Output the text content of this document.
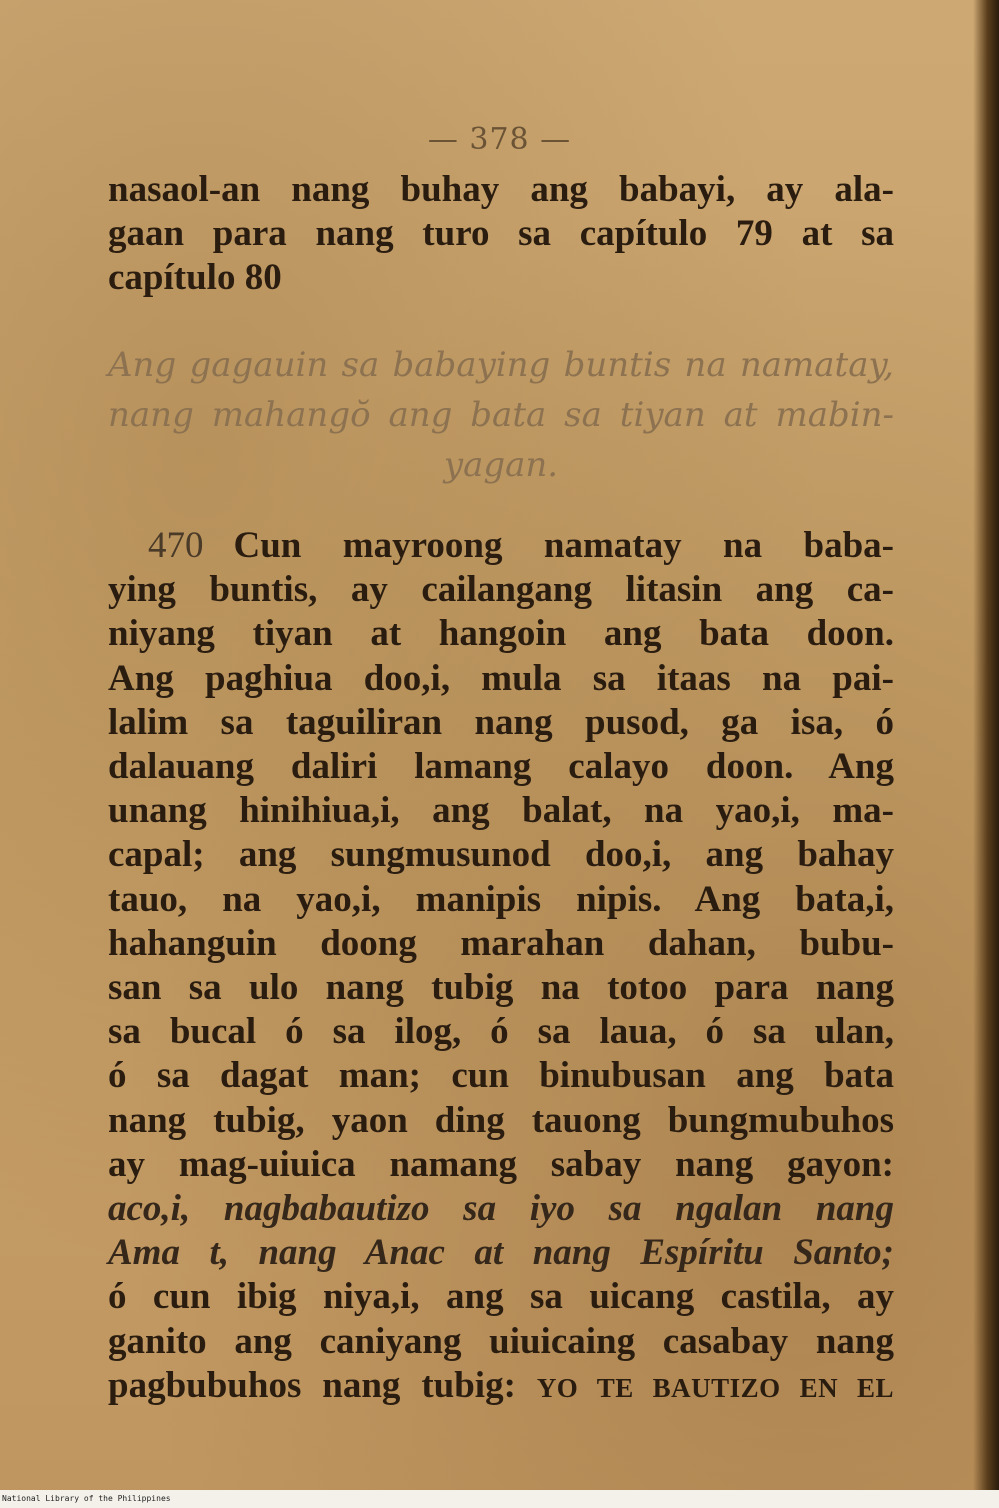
— 378 —
nasaol-an nang buhay ang babayi, ay ala-
gaan para nang turo sa capítulo 79 at sa
capítulo 80
Ang gagauin sa babaying buntis na namatay,
nang mahangŏ ang bata sa tiyan at mabin-
yagan.
470 Cun mayroong namatay na baba-
ying buntis, ay cailangang litasin ang ca-
niyang tiyan at hangoin ang bata doon.
Ang paghiua doo,i, mula sa itaas na pai-
lalim sa taguiliran nang pusod, ga isa, ó
dalauang daliri lamang calayo doon. Ang
unang hinihiua,i, ang balat, na yao,i, ma-
capal; ang sungmusunod doo,i, ang bahay
tauo, na yao,i, manipis nipis. Ang bata,i,
hahanguin doong marahan dahan, bubu-
san sa ulo nang tubig na totoo para nang
sa bucal ó sa ilog, ó sa laua, ó sa ulan,
ó sa dagat man; cun binubusan ang bata
nang tubig, yaon ding tauong bungmubuhos
ay mag-uiuica namang sabay nang gayon:
aco,i, nagbabautizo sa iyo sa ngalan nang
Ama t, nang Anac at nang Espíritu Santo;
ó cun ibig niya,i, ang sa uicang castila, ay
ganito ang caniyang uiuicaing casabay nang
pagbubuhos nang tubig: YO TE BAUTIZO EN EL
National Library of the Philippines
